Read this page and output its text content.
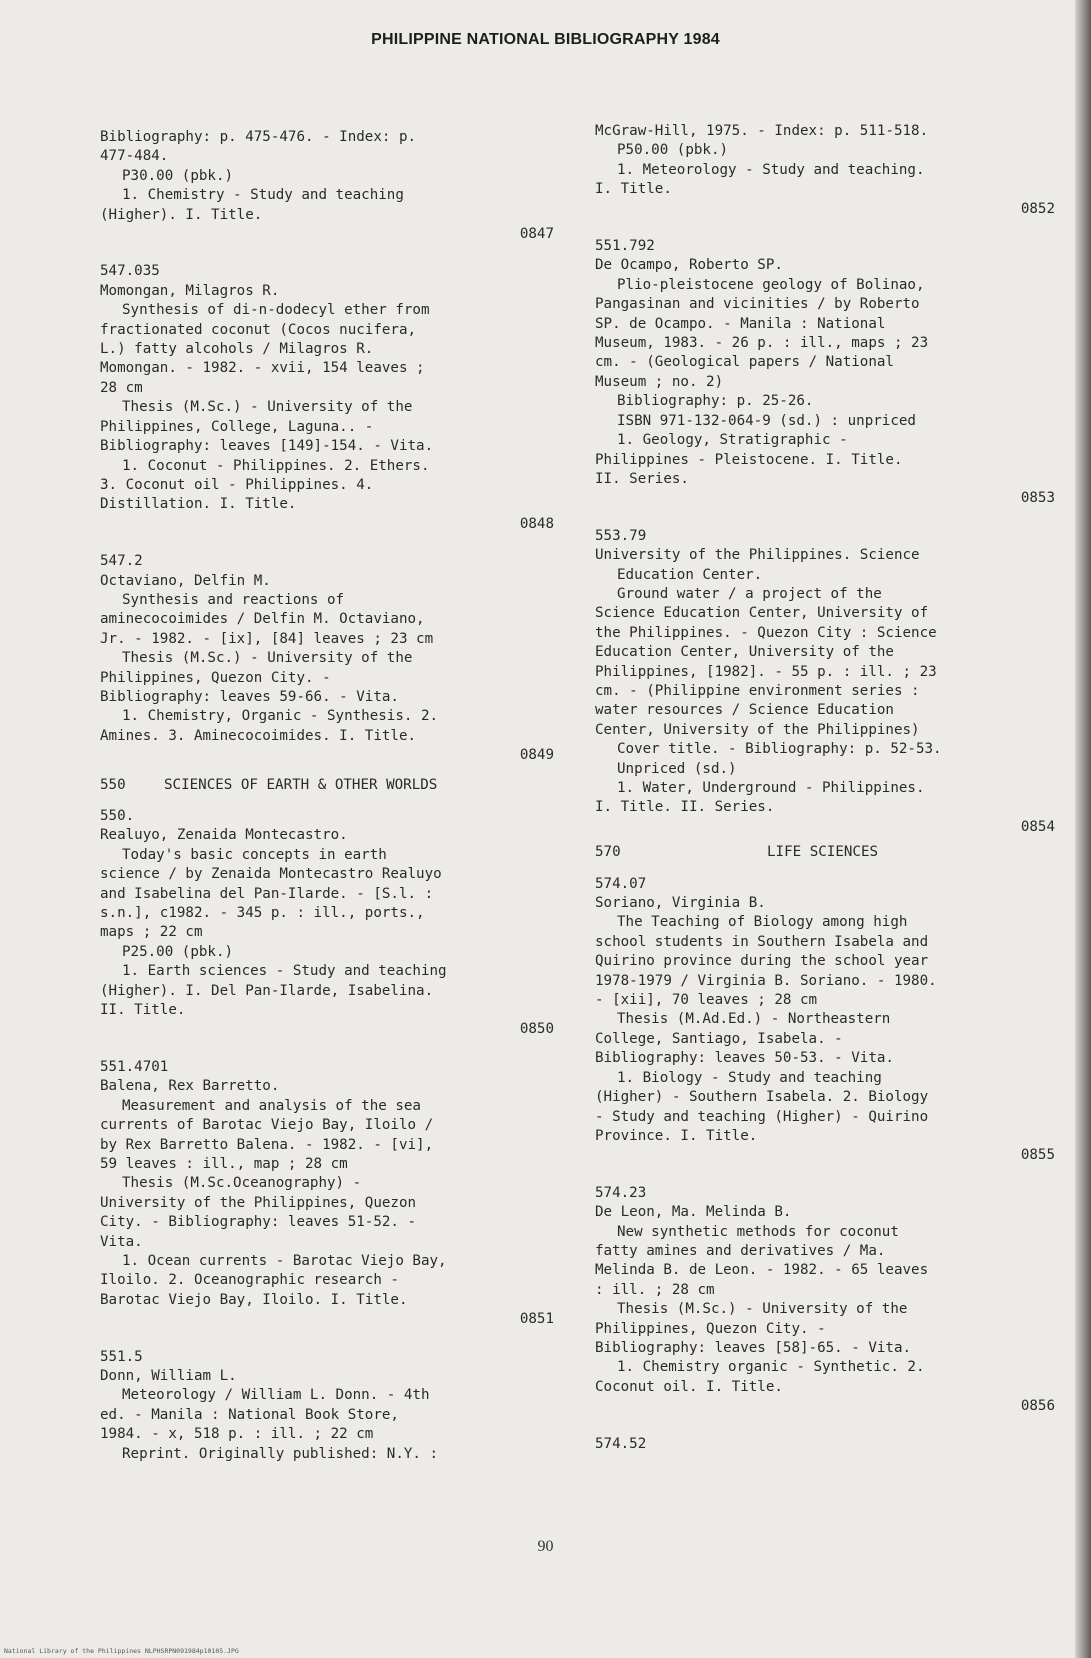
PHILIPPINE NATIONAL BIBLIOGRAPHY 1984
Bibliography: p. 475-476. - Index: p.
477-484.
P30.00 (pbk.)
1. Chemistry - Study and teaching
(Higher). I. Title.
0847
547.035
Momongan, Milagros R.
Synthesis of di-n-dodecyl ether from
fractionated coconut (Cocos nucifera,
L.) fatty alcohols / Milagros R.
Momongan. - 1982. - xvii, 154 leaves ;
28 cm
Thesis (M.Sc.) - University of the
Philippines, College, Laguna.. -
Bibliography: leaves [149]-154. - Vita.
1. Coconut - Philippines. 2. Ethers.
3. Coconut oil - Philippines. 4.
Distillation. I. Title.
0848
547.2
Octaviano, Delfin M.
Synthesis and reactions of
aminecocoimides / Delfin M. Octaviano,
Jr. - 1982. - [ix], [84] leaves ; 23 cm
Thesis (M.Sc.) - University of the
Philippines, Quezon City. -
Bibliography: leaves 59-66. - Vita.
1. Chemistry, Organic - Synthesis. 2.
Amines. 3. Aminecocoimides. I. Title.
0849
550	SCIENCES OF EARTH & OTHER WORLDS
550.
Realuyo, Zenaida Montecastro.
Today's basic concepts in earth
science / by Zenaida Montecastro Realuyo
and Isabelina del Pan-Ilarde. - [S.l. :
s.n.], c1982. - 345 p. : ill., ports.,
maps ; 22 cm
P25.00 (pbk.)
1. Earth sciences - Study and teaching
(Higher). I. Del Pan-Ilarde, Isabelina.
II. Title.
0850
551.4701
Balena, Rex Barretto.
Measurement and analysis of the sea
currents of Barotac Viejo Bay, Iloilo /
by Rex Barretto Balena. - 1982. - [vi],
59 leaves : ill., map ; 28 cm
Thesis (M.Sc.Oceanography) -
University of the Philippines, Quezon
City. - Bibliography: leaves 51-52. -
Vita.
1. Ocean currents - Barotac Viejo Bay,
Iloilo. 2. Oceanographic research -
Barotac Viejo Bay, Iloilo. I. Title.
0851
551.5
Donn, William L.
Meteorology / William L. Donn. - 4th
ed. - Manila : National Book Store,
1984. - x, 518 p. : ill. ; 22 cm
Reprint. Originally published: N.Y. :
McGraw-Hill, 1975. - Index: p. 511-518.
P50.00 (pbk.)
1. Meteorology - Study and teaching.
I. Title.
0852
551.792
De Ocampo, Roberto SP.
Plio-pleistocene geology of Bolinao,
Pangasinan and vicinities / by Roberto
SP. de Ocampo. - Manila : National
Museum, 1983. - 26 p. : ill., maps ; 23
cm. - (Geological papers / National
Museum ; no. 2)
Bibliography: p. 25-26.
ISBN 971-132-064-9 (sd.) : unpriced
1. Geology, Stratigraphic -
Philippines - Pleistocene. I. Title.
II. Series.
0853
553.79
University of the Philippines. Science
Education Center.
Ground water / a project of the
Science Education Center, University of
the Philippines. - Quezon City : Science
Education Center, University of the
Philippines, [1982]. - 55 p. : ill. ; 23
cm. - (Philippine environment series :
water resources / Science Education
Center, University of the Philippines)
Cover title. - Bibliography: p. 52-53.
Unpriced (sd.)
1. Water, Underground - Philippines.
I. Title. II. Series.
0854
570	LIFE SCIENCES
574.07
Soriano, Virginia B.
The Teaching of Biology among high
school students in Southern Isabela and
Quirino province during the school year
1978-1979 / Virginia B. Soriano. - 1980.
- [xii], 70 leaves ; 28 cm
Thesis (M.Ad.Ed.) - Northeastern
College, Santiago, Isabela. -
Bibliography: leaves 50-53. - Vita.
1. Biology - Study and teaching
(Higher) - Southern Isabela. 2. Biology
- Study and teaching (Higher) - Quirino
Province. I. Title.
0855
574.23
De Leon, Ma. Melinda B.
New synthetic methods for coconut
fatty amines and derivatives / Ma.
Melinda B. de Leon. - 1982. - 65 leaves
: ill. ; 28 cm
Thesis (M.Sc.) - University of the
Philippines, Quezon City. -
Bibliography: leaves [58]-65. - Vita.
1. Chemistry organic - Synthetic. 2.
Coconut oil. I. Title.
0856
574.52
90
National Library of the Philippines NLPHSRPN091984p10105.JPG
